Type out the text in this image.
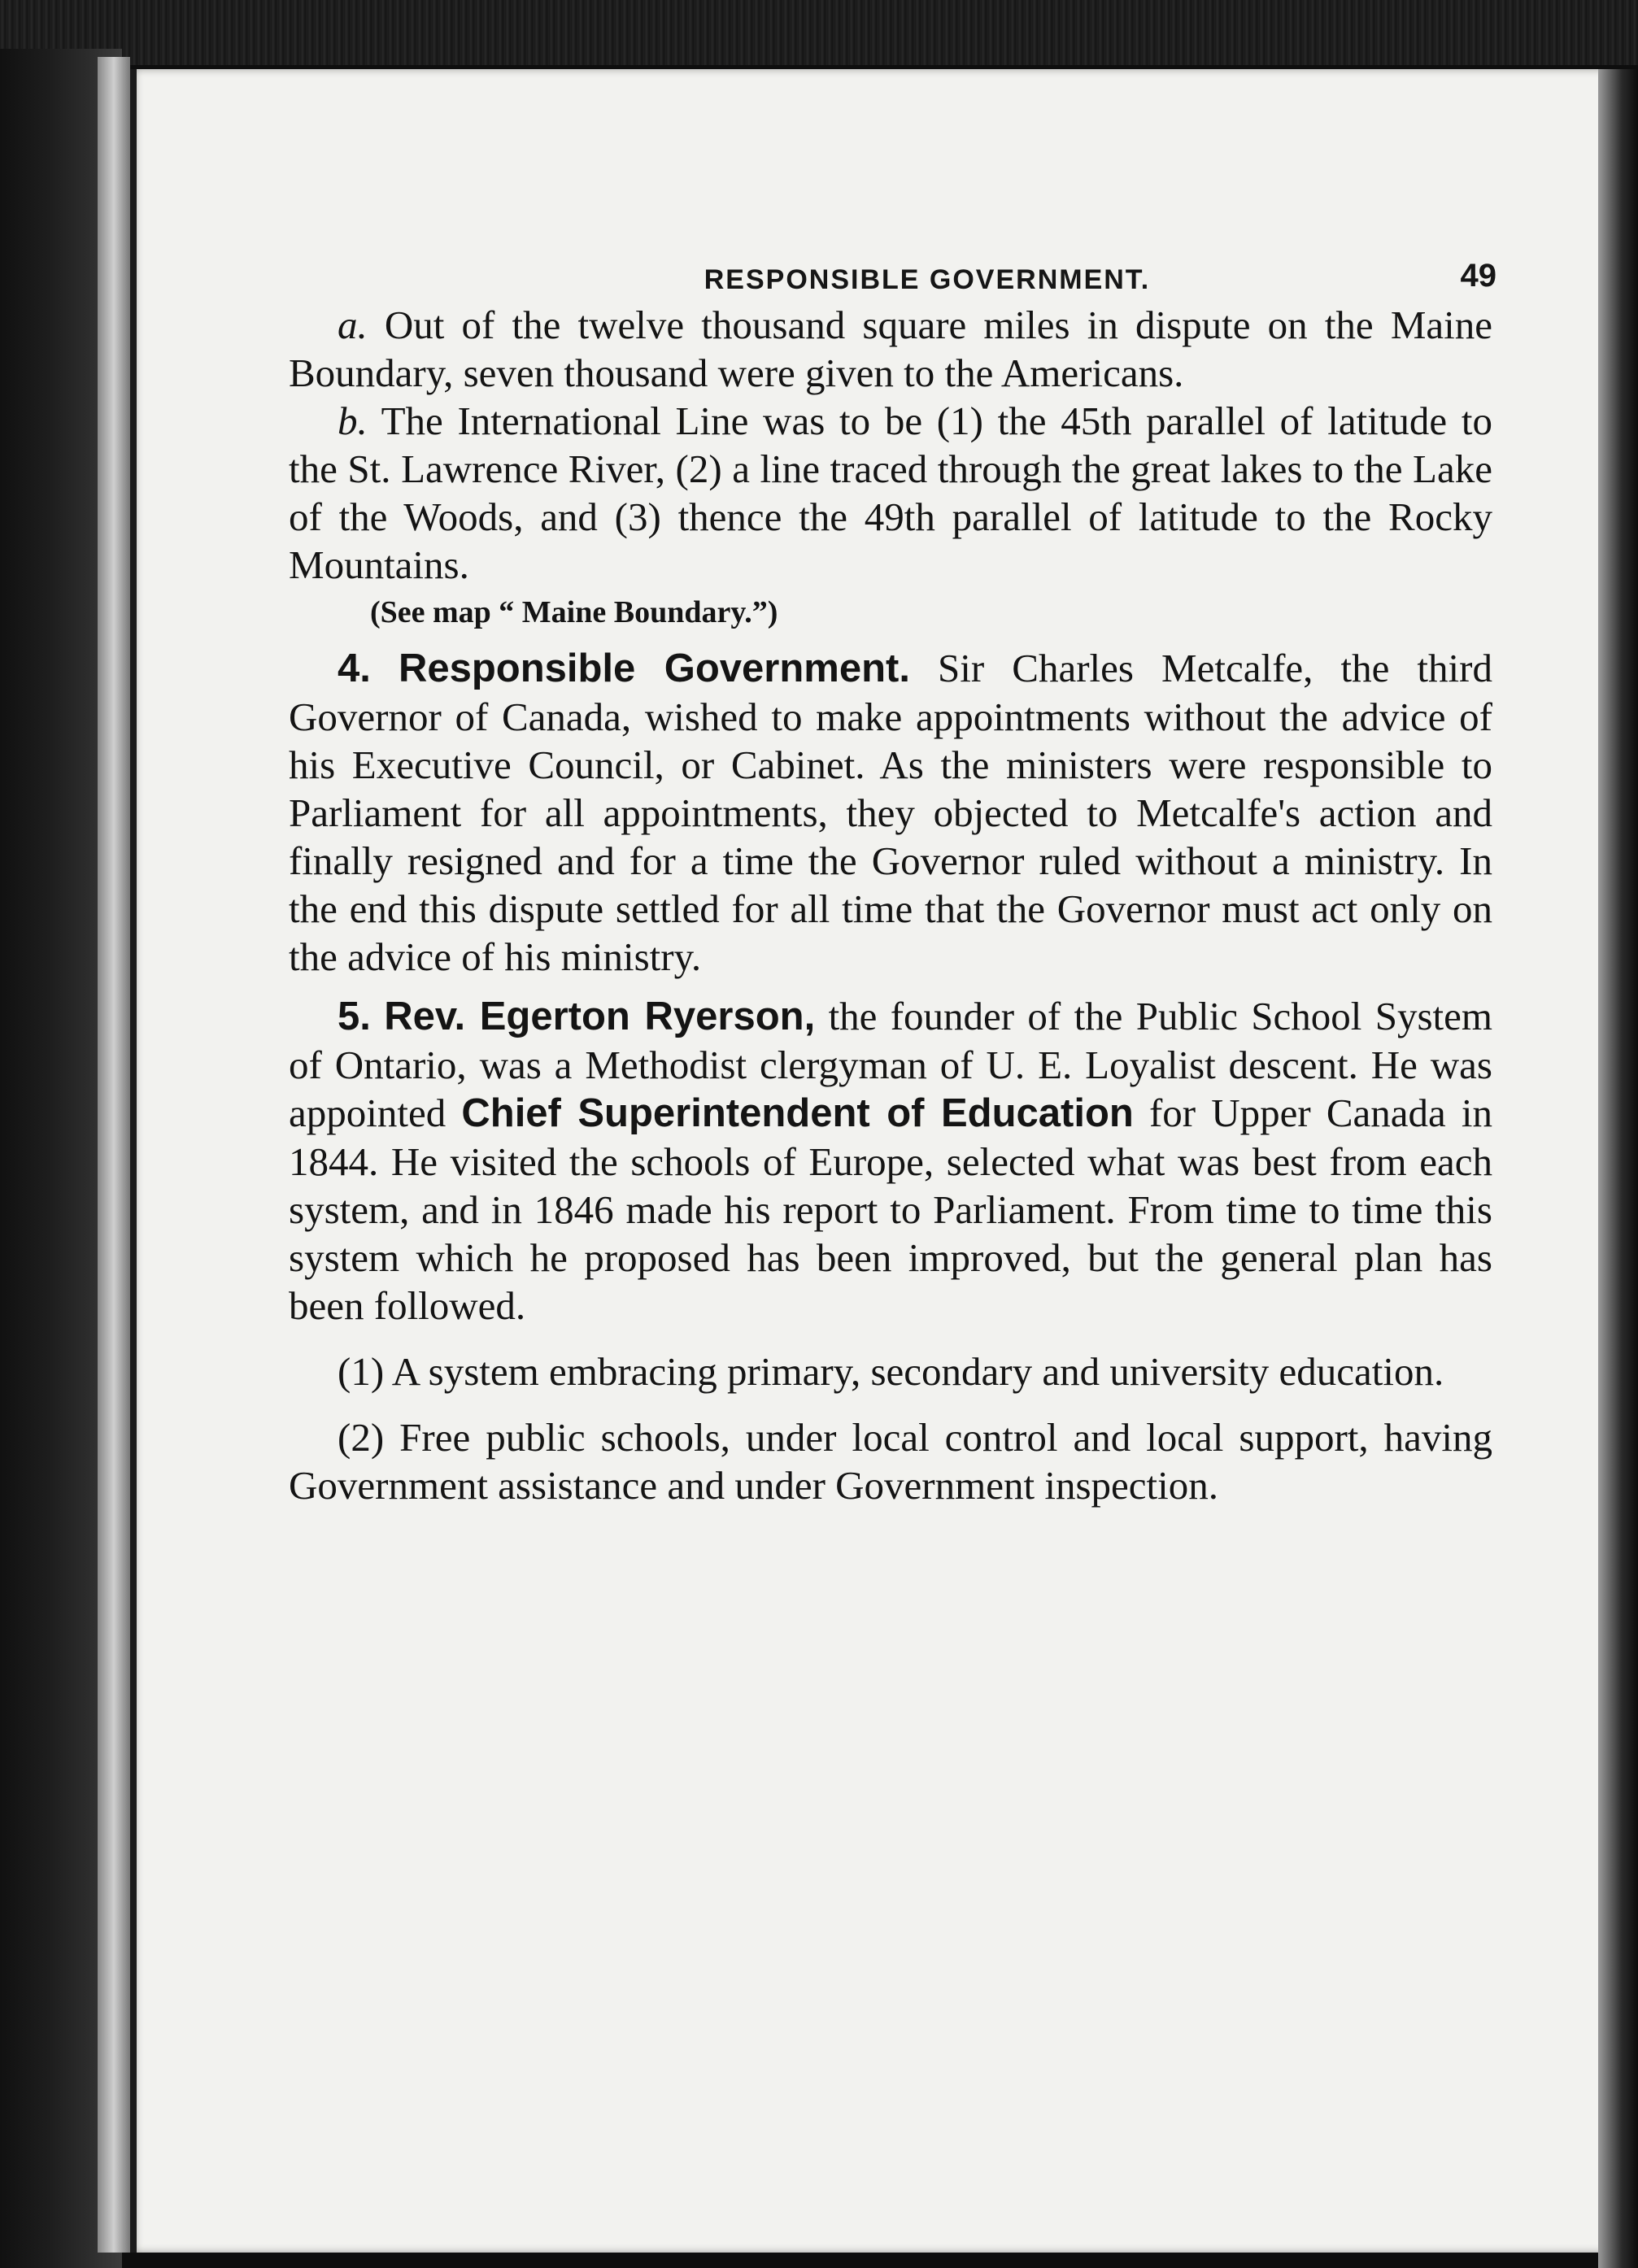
RESPONSIBLE GOVERNMENT.	49

a. Out of the twelve thousand square miles in dispute on the Maine Boundary, seven thousand were given to the Americans.

b. The International Line was to be (1) the 45th parallel of latitude to the St. Lawrence River, (2) a line traced through the great lakes to the Lake of the Woods, and (3) thence the 49th parallel of latitude to the Rocky Mountains.

(See map “ Maine Boundary.”)

4. Responsible Government. Sir Charles Metcalfe, the third Governor of Canada, wished to make appointments without the advice of his Executive Council, or Cabinet. As the ministers were responsible to Parliament for all appointments, they objected to Metcalfe's action and finally resigned and for a time the Governor ruled without a ministry. In the end this dispute settled for all time that the Governor must act only on the advice of his ministry.

5. Rev. Egerton Ryerson, the founder of the Public School System of Ontario, was a Methodist clergyman of U. E. Loyalist descent. He was appointed Chief Superintendent of Education for Upper Canada in 1844. He visited the schools of Europe, selected what was best from each system, and in 1846 made his report to Parliament. From time to time this system which he proposed has been improved, but the general plan has been followed.

(1) A system embracing primary, secondary and university education.

(2) Free public schools, under local control and local support, having Government assistance and under Government inspection.
